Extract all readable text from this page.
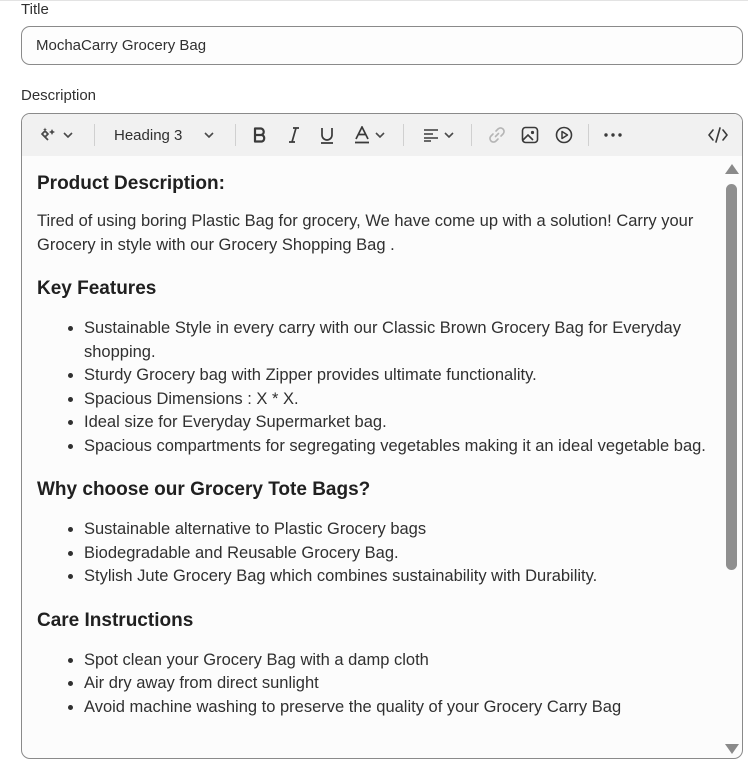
Title
MochaCarry Grocery Bag
Description
Heading 3
Product Description:

Tired of using boring Plastic Bag for grocery, We have come up with a solution! Carry your Grocery in style with our Grocery Shopping Bag .

Key Features
• Sustainable Style in every carry with our Classic Brown Grocery Bag for Everyday shopping.
• Sturdy Grocery bag with Zipper provides ultimate functionality.
• Spacious Dimensions : X * X.
• Ideal size for Everyday Supermarket bag.
• Spacious compartments for segregating vegetables making it an ideal vegetable bag.
Why choose our Grocery Tote Bags?
• Sustainable alternative to Plastic Grocery bags
• Biodegradable and Reusable Grocery Bag.
• Stylish Jute Grocery Bag which combines sustainability with Durability.
Care Instructions
• Spot clean your Grocery Bag with a damp cloth
• Air dry away from direct sunlight
• Avoid machine washing to preserve the quality of your Grocery Carry Bag
